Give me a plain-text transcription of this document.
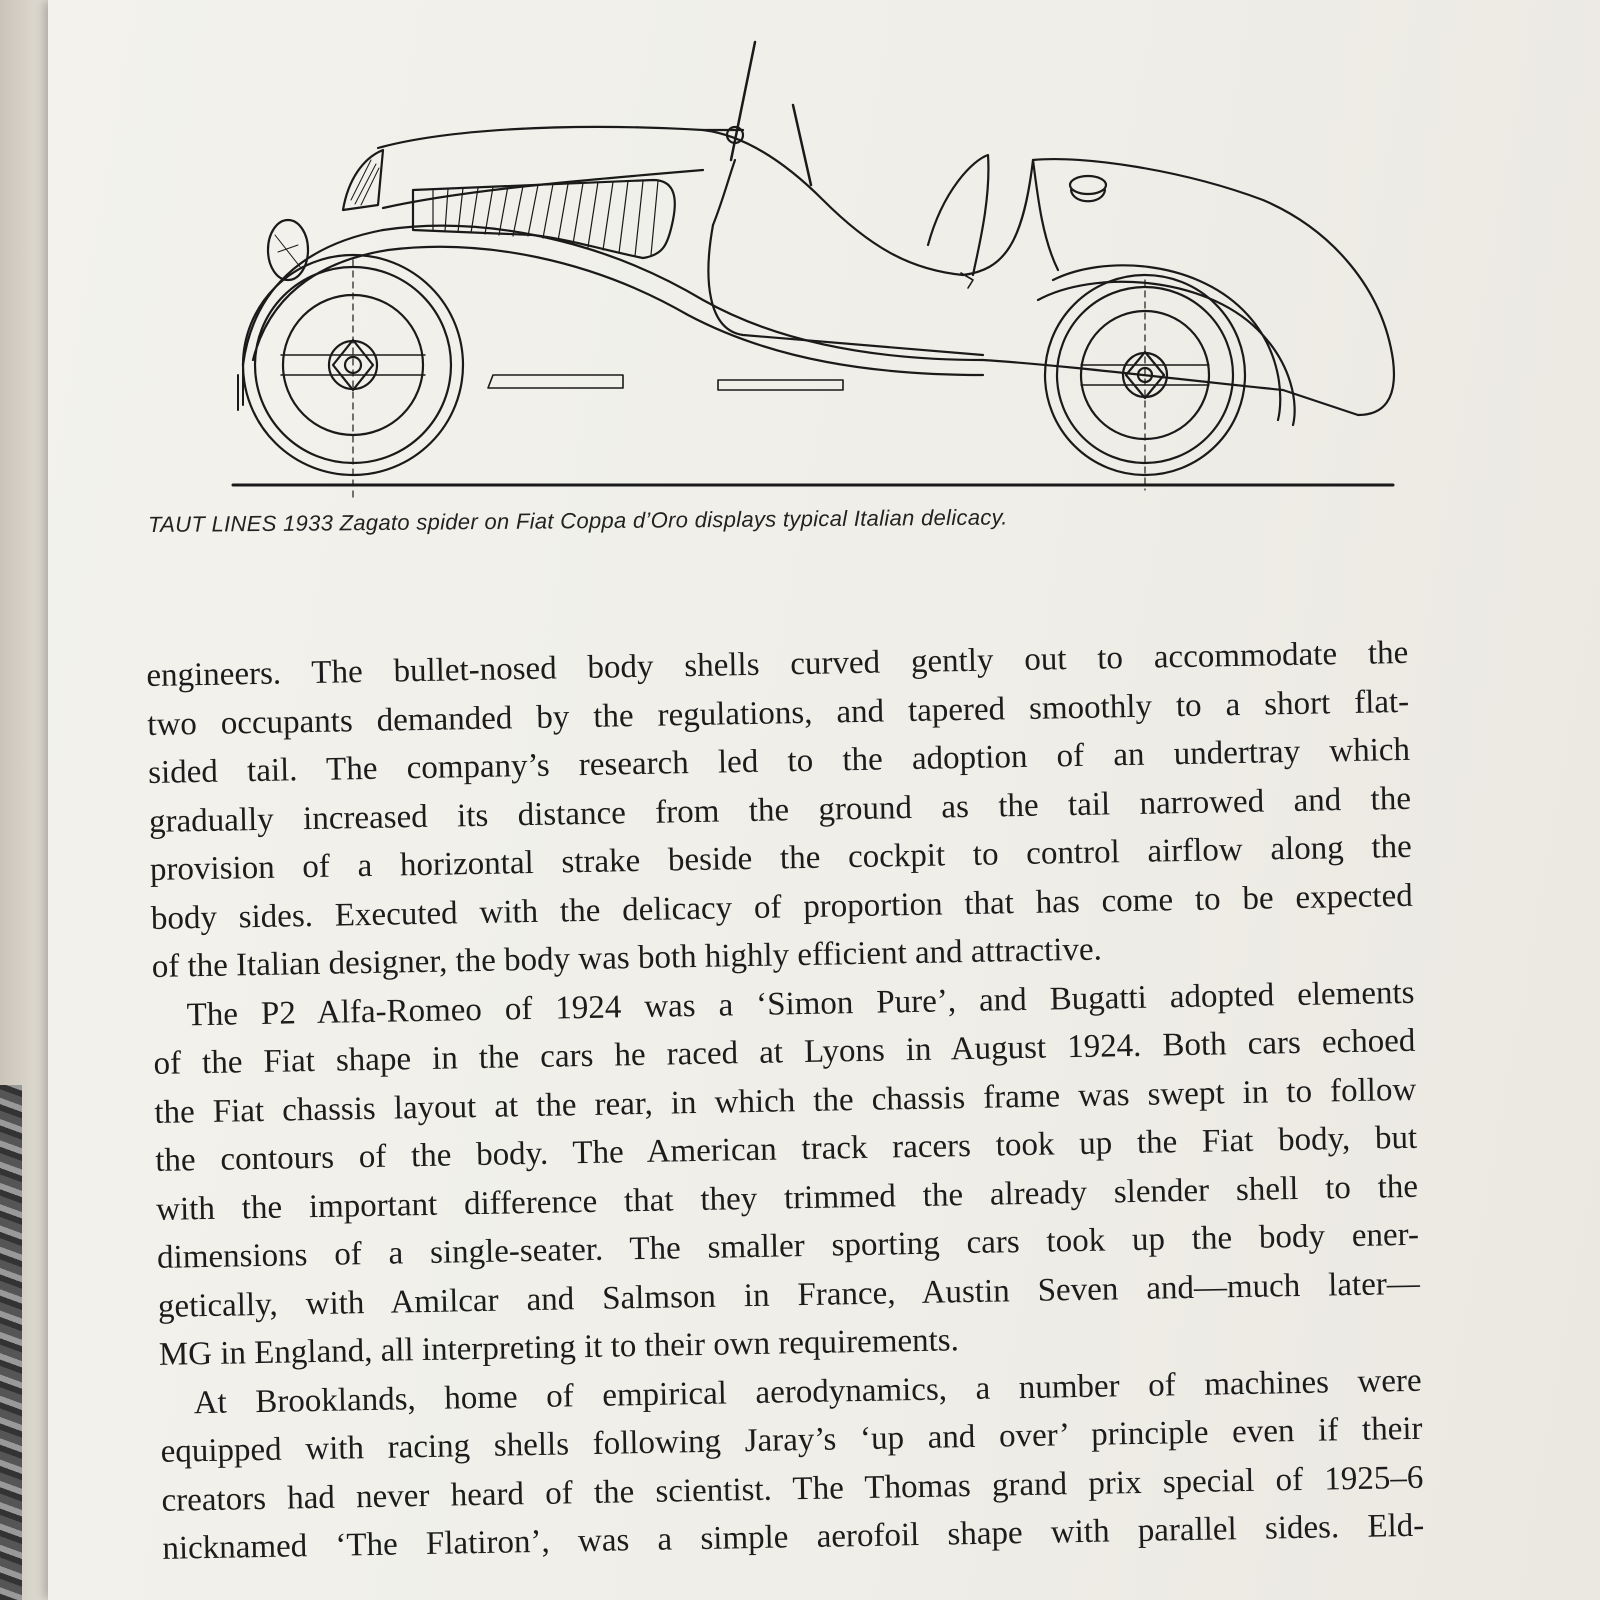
TAUT LINES 1933 Zagato spider on Fiat Coppa d’Oro displays typical Italian delicacy.
engineers. The bullet-nosed body shells curved gently out to accommodate the
two occupants demanded by the regulations, and tapered smoothly to a short flat-
sided tail. The company’s research led to the adoption of an undertray which
gradually increased its distance from the ground as the tail narrowed and the
provision of a horizontal strake beside the cockpit to control airflow along the
body sides. Executed with the delicacy of proportion that has come to be expected
of the Italian designer, the body was both highly efficient and attractive.
The P2 Alfa-Romeo of 1924 was a ‘Simon Pure’, and Bugatti adopted elements
of the Fiat shape in the cars he raced at Lyons in August 1924. Both cars echoed
the Fiat chassis layout at the rear, in which the chassis frame was swept in to follow
the contours of the body. The American track racers took up the Fiat body, but
with the important difference that they trimmed the already slender shell to the
dimensions of a single-seater. The smaller sporting cars took up the body ener-
getically, with Amilcar and Salmson in France, Austin Seven and—much later—
MG in England, all interpreting it to their own requirements.
At Brooklands, home of empirical aerodynamics, a number of machines were
equipped with racing shells following Jaray’s ‘up and over’ principle even if their
creators had never heard of the scientist. The Thomas grand prix special of 1925–6
nicknamed ‘The Flatiron’, was a simple aerofoil shape with parallel sides. Eld-
